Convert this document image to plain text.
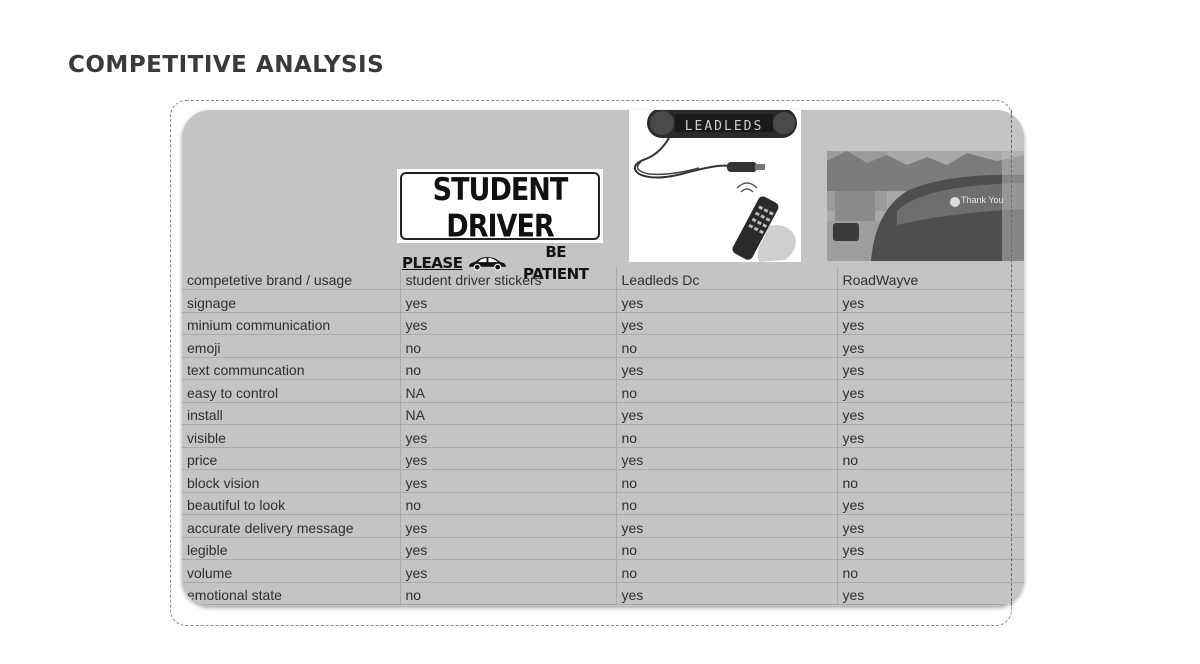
COMPETITIVE ANALYSIS
STUDENT DRIVER
PLEASE
BE PATIENT
LEADLEDS
Thank You
competetive brand / usage	student driver stickers	Leadleds Dc	RoadWayve
signage	yes	yes	yes
minium communication	yes	yes	yes
emoji	no	no	yes
text communcation	no	yes	yes
easy to control	NA	no	yes
install	NA	yes	yes
visible	yes	no	yes
price	yes	yes	no
block vision	yes	no	no
beautiful to look	no	no	yes
accurate delivery message	yes	yes	yes
legible	yes	no	yes
volume	yes	no	no
emotional state	no	yes	yes
